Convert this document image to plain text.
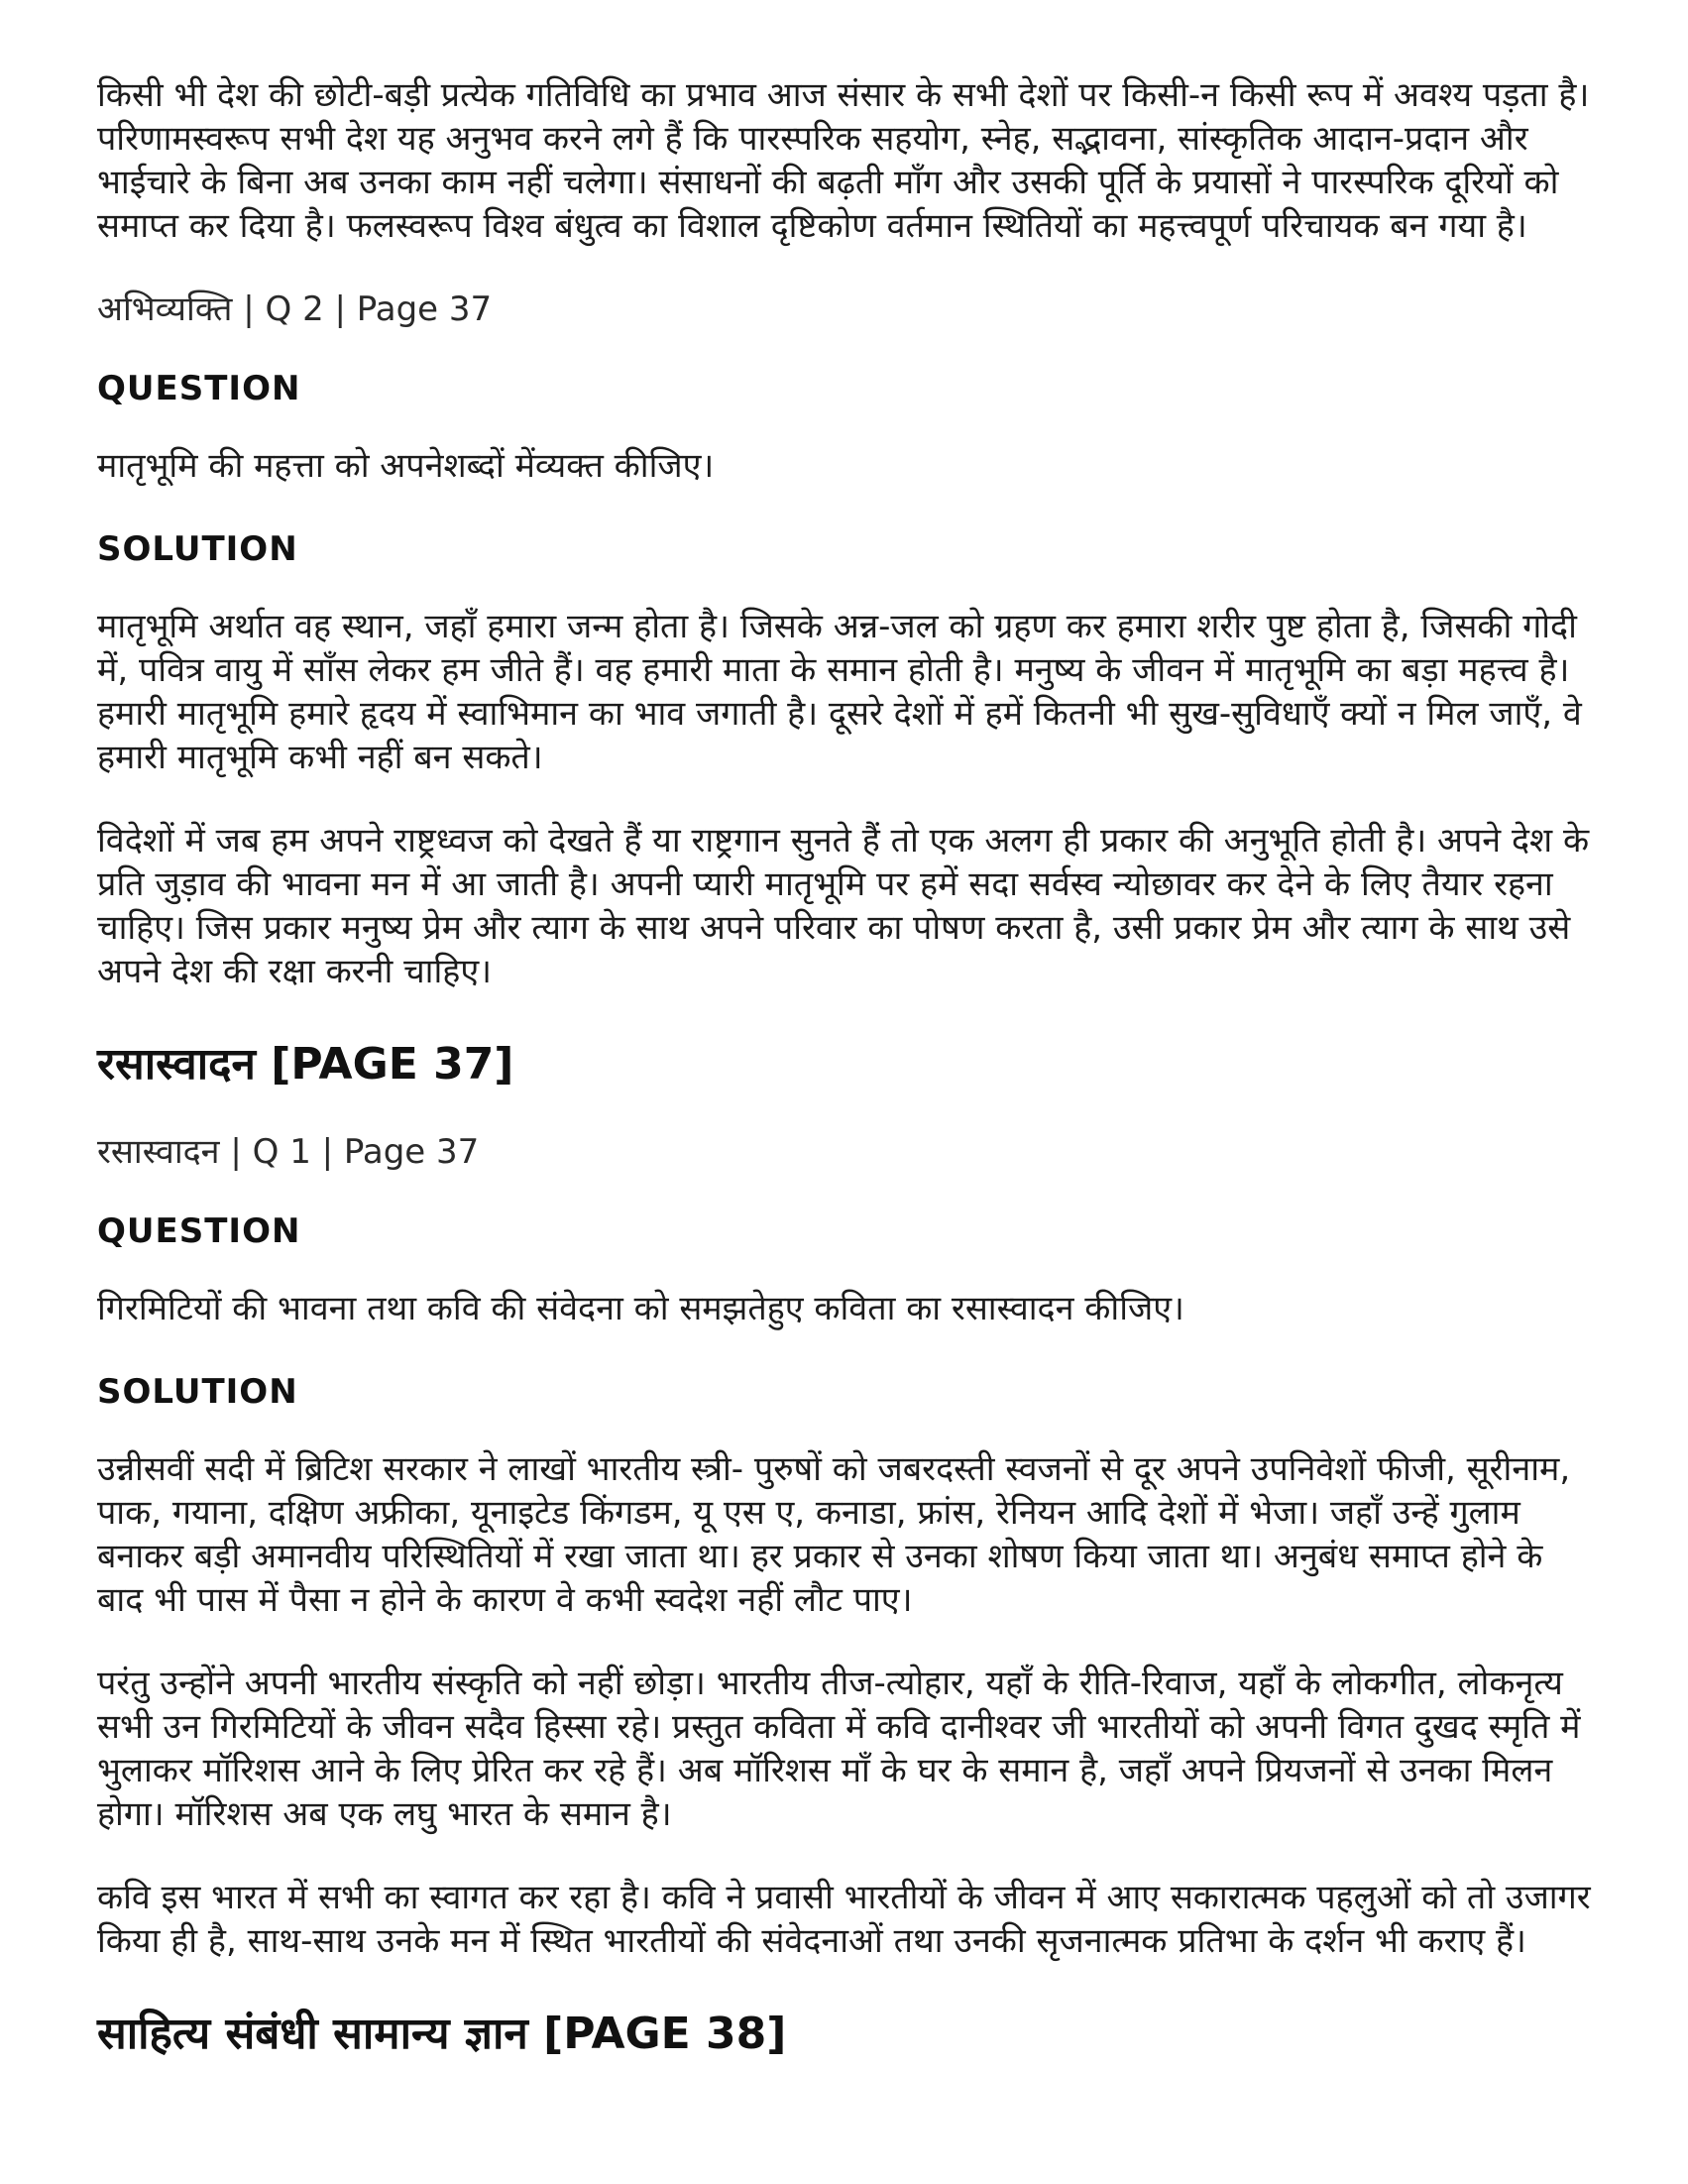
किसी भी देश की छोटी-बड़ी प्रत्येक गतिविधि का प्रभाव आज संसार के सभी देशों पर किसी-न किसी रूप में अवश्य पड़ता है। परिणामस्वरूप सभी देश यह अनुभव करने लगे हैं कि पारस्परिक सहयोग, स्नेह, सद्भावना, सांस्कृतिक आदान-प्रदान और भाईचारे के बिना अब उनका काम नहीं चलेगा। संसाधनों की बढ़ती माँग और उसकी पूर्ति के प्रयासों ने पारस्परिक दूरियों को समाप्त कर दिया है। फलस्वरूप विश्व बंधुत्व का विशाल दृष्टिकोण वर्तमान स्थितियों का महत्त्वपूर्ण परिचायक बन गया है।

अभिव्यक्ति | Q 2 | Page 37

QUESTION

मातृभूमि की महत्ता को अपनेशब्दों मेंव्यक्त कीजिए।

SOLUTION

मातृभूमि अर्थात वह स्थान, जहाँ हमारा जन्म होता है। जिसके अन्न-जल को ग्रहण कर हमारा शरीर पुष्ट होता है, जिसकी गोदी में, पवित्र वायु में साँस लेकर हम जीते हैं। वह हमारी माता के समान होती है। मनुष्य के जीवन में मातृभूमि का बड़ा महत्त्व है। हमारी मातृभूमि हमारे हृदय में स्वाभिमान का भाव जगाती है। दूसरे देशों में हमें कितनी भी सुख-सुविधाएँ क्यों न मिल जाएँ, वे हमारी मातृभूमि कभी नहीं बन सकते।

विदेशों में जब हम अपने राष्ट्रध्वज को देखते हैं या राष्ट्रगान सुनते हैं तो एक अलग ही प्रकार की अनुभूति होती है। अपने देश के प्रति जुड़ाव की भावना मन में आ जाती है। अपनी प्यारी मातृभूमि पर हमें सदा सर्वस्व न्योछावर कर देने के लिए तैयार रहना चाहिए। जिस प्रकार मनुष्य प्रेम और त्याग के साथ अपने परिवार का पोषण करता है, उसी प्रकार प्रेम और त्याग के साथ उसे अपने देश की रक्षा करनी चाहिए।

रसास्वादन [PAGE 37]

रसास्वादन | Q 1 | Page 37

QUESTION

गिरमिटियों की भावना तथा कवि की संवेदना को समझतेहुए कविता का रसास्वादन कीजिए।

SOLUTION

उन्नीसवीं सदी में ब्रिटिश सरकार ने लाखों भारतीय स्त्री- पुरुषों को जबरदस्ती स्वजनों से दूर अपने उपनिवेशों फीजी, सूरीनाम, पाक, गयाना, दक्षिण अफ्रीका, यूनाइटेड किंगडम, यू एस ए, कनाडा, फ्रांस, रेनियन आदि देशों में भेजा। जहाँ उन्हें गुलाम बनाकर बड़ी अमानवीय परिस्थितियों में रखा जाता था। हर प्रकार से उनका शोषण किया जाता था। अनुबंध समाप्त होने के बाद भी पास में पैसा न होने के कारण वे कभी स्वदेश नहीं लौट पाए।

परंतु उन्होंने अपनी भारतीय संस्कृति को नहीं छोड़ा। भारतीय तीज-त्योहार, यहाँ के रीति-रिवाज, यहाँ के लोकगीत, लोकनृत्य सभी उन गिरमिटियों के जीवन सदैव हिस्सा रहे। प्रस्तुत कविता में कवि दानीश्वर जी भारतीयों को अपनी विगत दुखद स्मृति में भुलाकर मॉरिशस आने के लिए प्रेरित कर रहे हैं। अब मॉरिशस माँ के घर के समान है, जहाँ अपने प्रियजनों से उनका मिलन होगा। मॉरिशस अब एक लघु भारत के समान है।

कवि इस भारत में सभी का स्वागत कर रहा है। कवि ने प्रवासी भारतीयों के जीवन में आए सकारात्मक पहलुओं को तो उजागर किया ही है, साथ-साथ उनके मन में स्थित भारतीयों की संवेदनाओं तथा उनकी सृजनात्मक प्रतिभा के दर्शन भी कराए हैं।

साहित्य संबंधी सामान्य ज्ञान [PAGE 38]
